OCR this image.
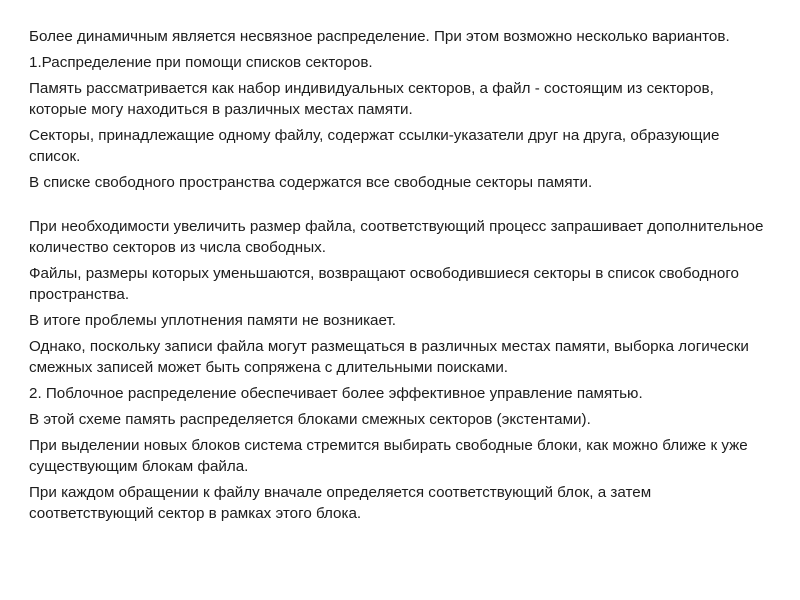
Более динамичным является несвязное распределение. При этом возможно несколько вариантов.

1.Распределение при помощи списков секторов.

Память рассматривается как набор индивидуальных секторов, а файл - состоящим из секторов, которые могу находиться в различных местах памяти.

Секторы, принадлежащие одному файлу, содержат ссылки-указатели друг на друга, образующие список.

В списке свободного пространства содержатся все свободные секторы памяти.

При необходимости увеличить размер файла, соответствующий процесс запрашивает дополнительное количество секторов из числа свободных.

Файлы, размеры которых уменьшаются, возвращают освободившиеся секторы в список свободного пространства.

В итоге проблемы уплотнения памяти не возникает.

Однако, поскольку записи файла могут размещаться в различных местах памяти, выборка логически смежных записей может быть сопряжена с длительными поисками.

2. Поблочное распределение обеспечивает более эффективное управление памятью.

В этой схеме память распределяется блоками смежных секторов (экстентами).

При выделении новых блоков система стремится выбирать свободные блоки, как можно ближе к уже существующим блокам файла.

При каждом обращении к файлу вначале определяется соответствующий блок, а затем соответствующий сектор в рамках этого блока.
